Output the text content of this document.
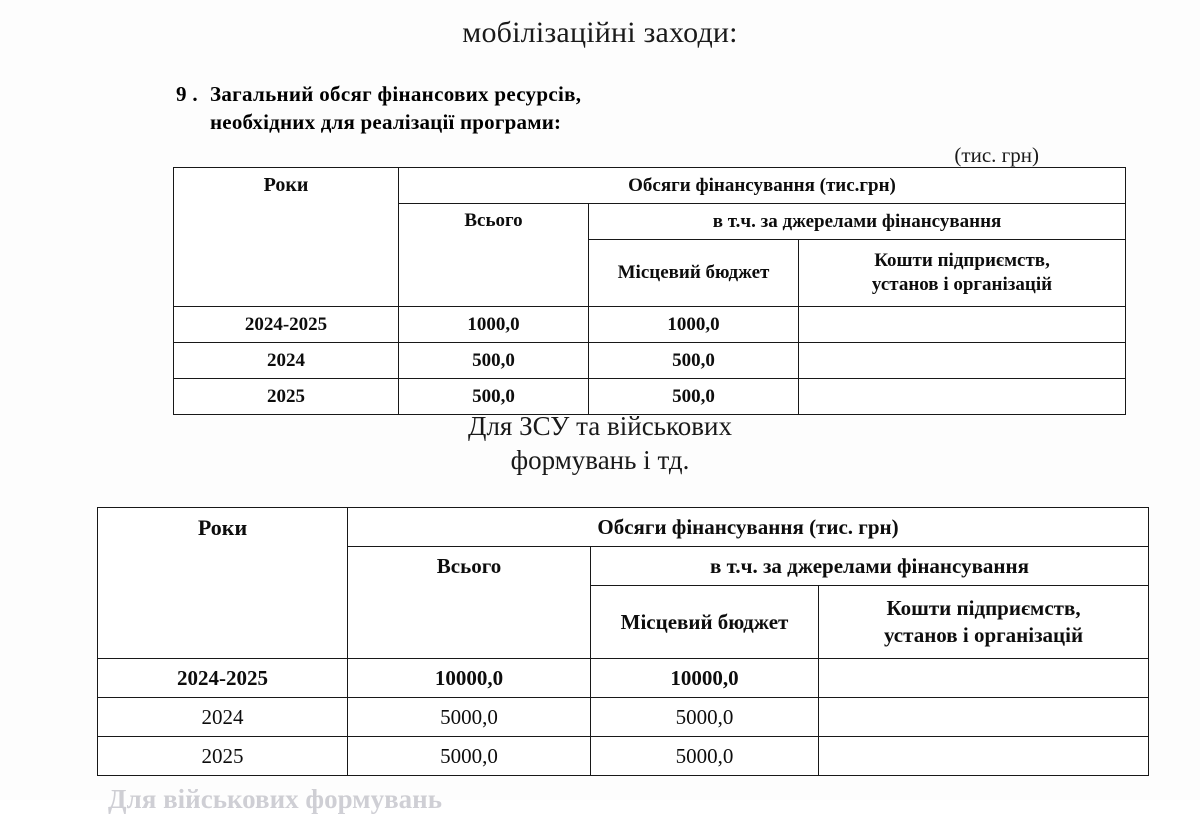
мобілізаційні заходи:
9 . Загальний обсяг фінансових ресурсів,
необхідних для реалізації програми:
(тис. грн)
Роки	Обсяги фінансування (тис.грн)		
	Всього	в т.ч. за джерелами фінансування	
		Місцевий бюджет	Кошти підприємств,
установ і організацій
2024-2025	1000,0	1000,0	
2024	500,0	500,0	
2025	500,0	500,0	
Для ЗСУ та військових
формувань і тд.
Роки	Обсяги фінансування (тис. грн)		
	Всього	в т.ч. за джерелами фінансування	
		Місцевий бюджет	Кошти підприємств,
установ і організацій
2024-2025	10000,0	10000,0	
2024	5000,0	5000,0	
2025	5000,0	5000,0	
Для військових формувань
